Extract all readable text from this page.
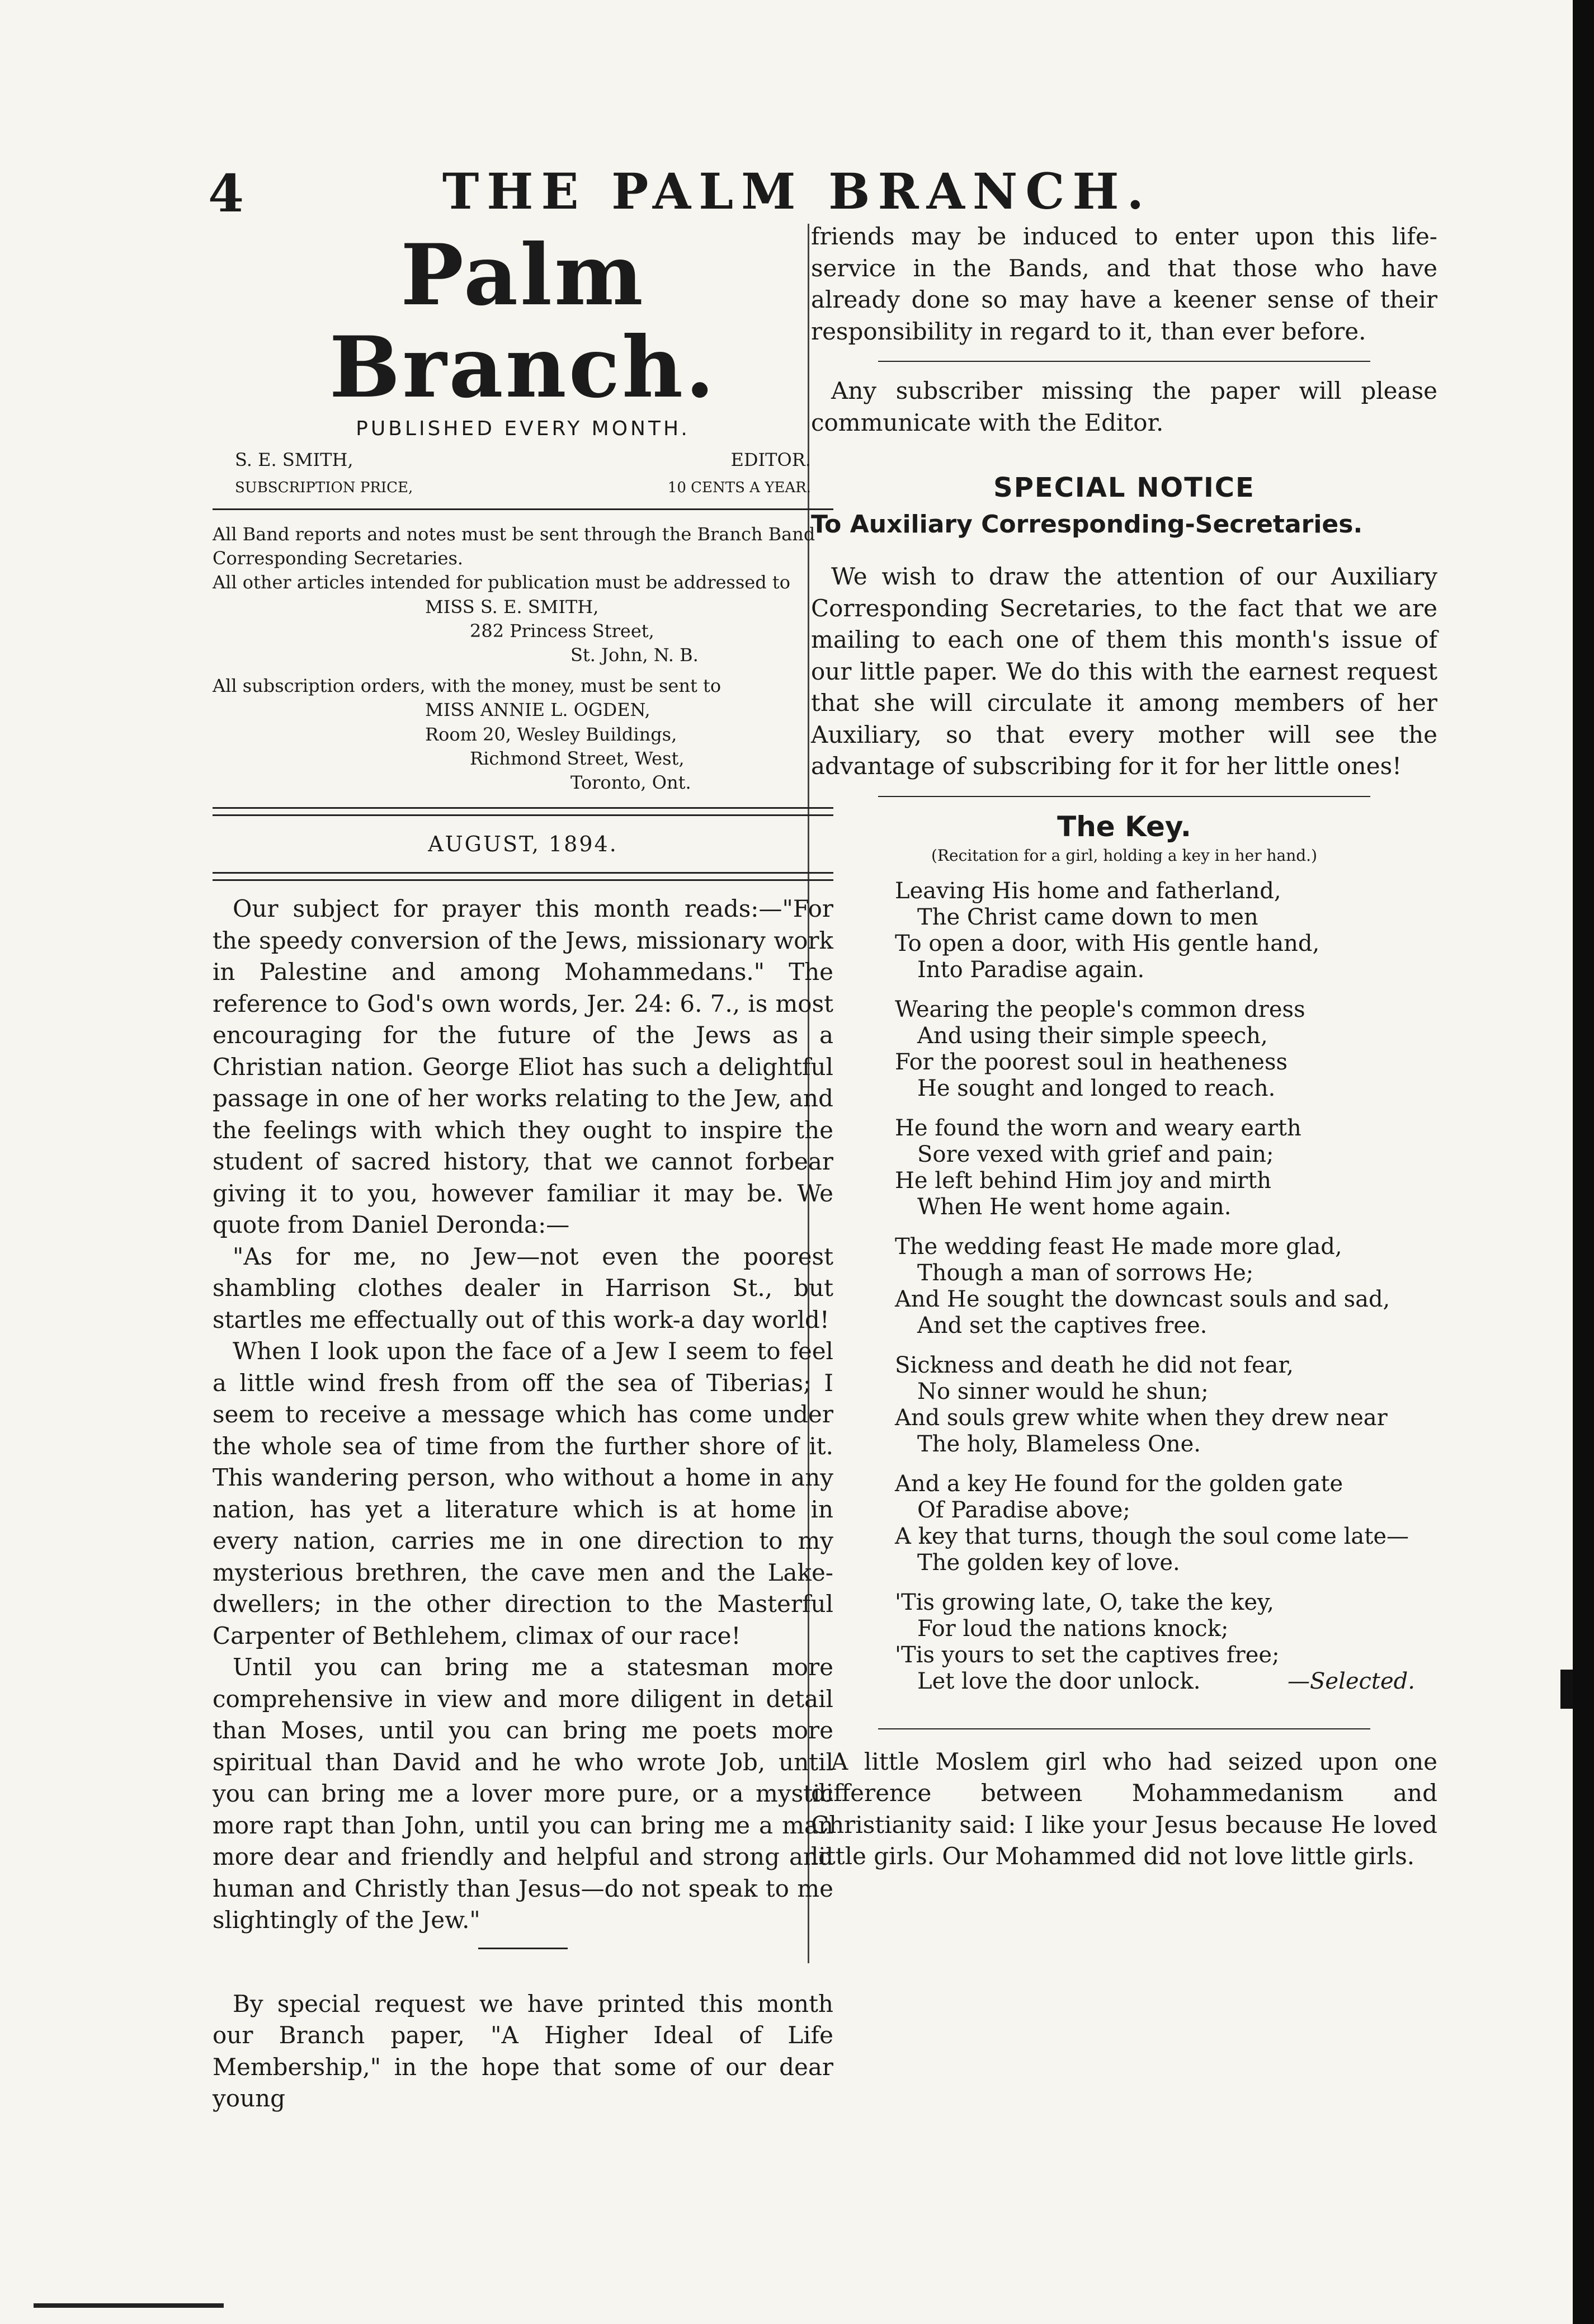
4	THE PALM BRANCH.
Palm Branch.
PUBLISHED EVERY MONTH.
S. E. SMITH,	EDITOR.
SUBSCRIPTION PRICE,	10 CENTS A YEAR.
All Band reports and notes must be sent through the Branch Band Corresponding Secretaries.
All other articles intended for publication must be addressed to
MISS S. E. SMITH,
282 Princess Street,
St. John, N. B.
All subscription orders, with the money, must be sent to
MISS ANNIE L. OGDEN,
Room 20, Wesley Buildings,
Richmond Street, West,
Toronto, Ont.
AUGUST, 1894.

Our subject for prayer this month reads:—"For the speedy conversion of the Jews, missionary work in Palestine and among Mohammedans." The reference to God's own words, Jer. 24: 6. 7., is most encouraging for the future of the Jews as a Christian nation. George Eliot has such a delightful passage in one of her works relating to the Jew, and the feelings with which they ought to inspire the student of sacred history, that we cannot forbear giving it to you, however familiar it may be. We quote from Daniel Deronda:—

"As for me, no Jew—not even the poorest shambling clothes dealer in Harrison St., but startles me effectually out of this work-a day world!

When I look upon the face of a Jew I seem to feel a little wind fresh from off the sea of Tiberias; I seem to receive a message which has come under the whole sea of time from the further shore of it. This wandering person, who without a home in any nation, has yet a literature which is at home in every nation, carries me in one direction to my mysterious brethren, the cave men and the Lake-dwellers; in the other direction to the Masterful Carpenter of Bethlehem, climax of our race!

Until you can bring me a statesman more comprehensive in view and more diligent in detail than Moses, until you can bring me poets more spiritual than David and he who wrote Job, until you can bring me a lover more pure, or a mystic more rapt than John, until you can bring me a man more dear and friendly and helpful and strong and human and Christly than Jesus—do not speak to me slightingly of the Jew."

By special request we have printed this month our Branch paper, "A Higher Ideal of Life Membership," in the hope that some of our dear young

friends may be induced to enter upon this life-service in the Bands, and that those who have already done so may have a keener sense of their responsibility in regard to it, than ever before.

Any subscriber missing the paper will please communicate with the Editor.

SPECIAL NOTICE
To Auxiliary Corresponding-Secretaries.

We wish to draw the attention of our Auxiliary Corresponding Secretaries, to the fact that we are mailing to each one of them this month's issue of our little paper. We do this with the earnest request that she will circulate it among members of her Auxiliary, so that every mother will see the advantage of subscribing for it for her little ones!

The Key.
(Recitation for a girl, holding a key in her hand.)
Leaving His home and fatherland,
The Christ came down to men
To open a door, with His gentle hand,
Into Paradise again.
Wearing the people's common dress
And using their simple speech,
For the poorest soul in heatheness
He sought and longed to reach.
He found the worn and weary earth
Sore vexed with grief and pain;
He left behind Him joy and mirth
When He went home again.
The wedding feast He made more glad,
Though a man of sorrows He;
And He sought the downcast souls and sad,
And set the captives free.
Sickness and death he did not fear,
No sinner would he shun;
And souls grew white when they drew near
The holy, Blameless One.
And a key He found for the golden gate
Of Paradise above;
A key that turns, though the soul come late—
The golden key of love.
'Tis growing late, O, take the key,
For loud the nations knock;
'Tis yours to set the captives free;
Let love the door unlock.	—Selected.

A little Moslem girl who had seized upon one difference between Mohammedanism and Christianity said: I like your Jesus because He loved little girls. Our Mohammed did not love little girls.
